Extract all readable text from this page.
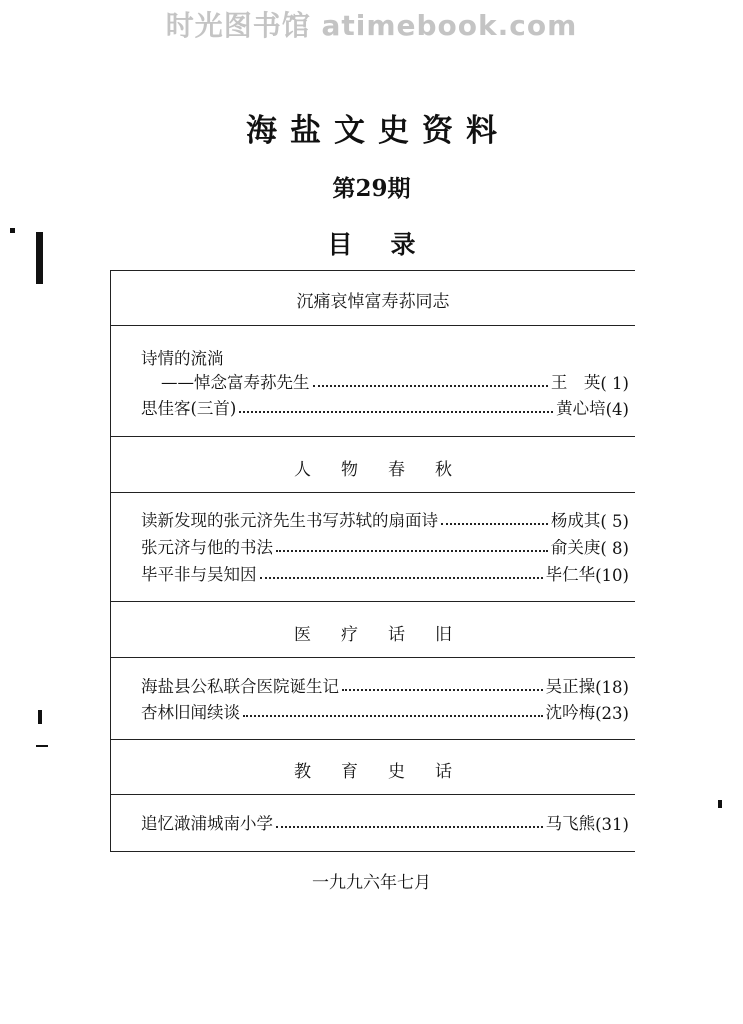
时光图书馆 atimebook.com
海盐文史资料
第29期
目录
沉痛哀悼富寿荪同志
诗情的流淌
——悼念富寿荪先生	王　英 ( 1)
思佳客(三首)	黄心培 (4)
人物春秋
读新发现的张元济先生书写苏轼的扇面诗	杨成其 ( 5)
张元济与他的书法	俞关庚 ( 8)
毕平非与吴知因	毕仁华 (10)
医疗话旧
海盐县公私联合医院诞生记	吴正操 (18)
杏林旧闻续谈	沈吟梅 (23)
教育史话
追忆澉浦城南小学	马飞熊 (31)
一九九六年七月
